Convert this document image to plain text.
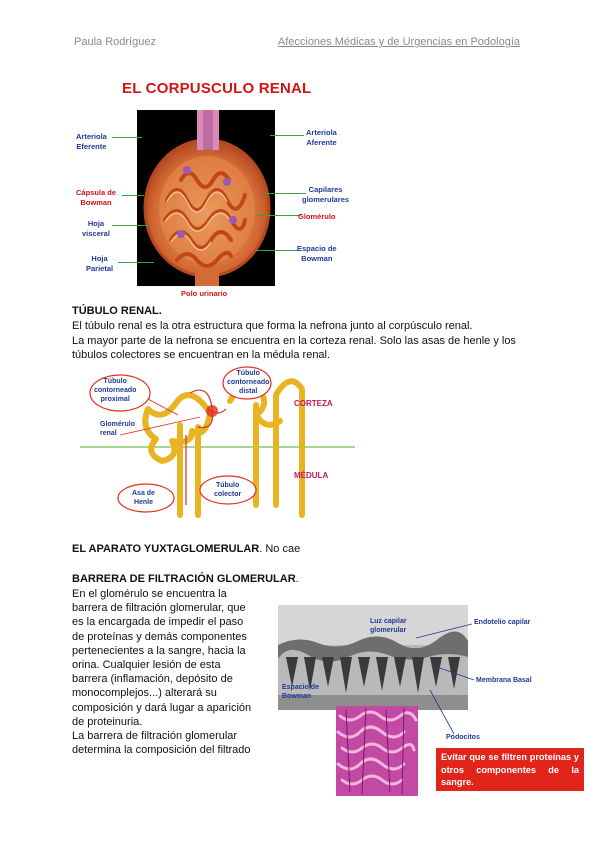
Paula Rodríguez	Afecciones Médicas y de Urgencias en Podología
EL CORPUSCULO RENAL
Arteriola
Eferente
Arteriola
Aferente
Cápsula de
Bowman
Capilares
glomerulares
Glomérulo
Hoja
visceral
Espacio de
Bowman
Hoja
Parietal
Polo urinario
TÚBULO RENAL.
El túbulo renal es la otra estructura que forma la nefrona junto al corpúsculo renal.
La mayor parte de la nefrona se encuentra en la corteza renal. Solo las asas de henle y los
túbulos colectores se encuentran en la médula renal.
Túbulo
contorneado
proximal
Túbulo
contorneado
distal
CORTEZA
Glomérulo
renal
MÉDULA
Asa de
Henle
Túbulo
colector
EL APARATO YUXTAGLOMERULAR. No cae
BARRERA DE FILTRACIÓN GLOMERULAR.
En el glomérulo se encuentra la
barrera de filtración glomerular, que
es la encargada de impedir el paso
de proteínas y demás componentes
pertenecientes a la sangre, hacia la
orina. Cualquier lesión de esta
barrera (inflamación, depósito de
monocomplejos...) alterará su
composición y dará lugar a aparición
de proteinuria.
La barrera de filtración glomerular
determina la composición del filtrado
Luz capilar
glomerular
Espacio de
Bowman
Endotelio capilar
Membrana Basal
Podocitos
Evitar que se filtren proteínas y otros componentes de la sangre.
